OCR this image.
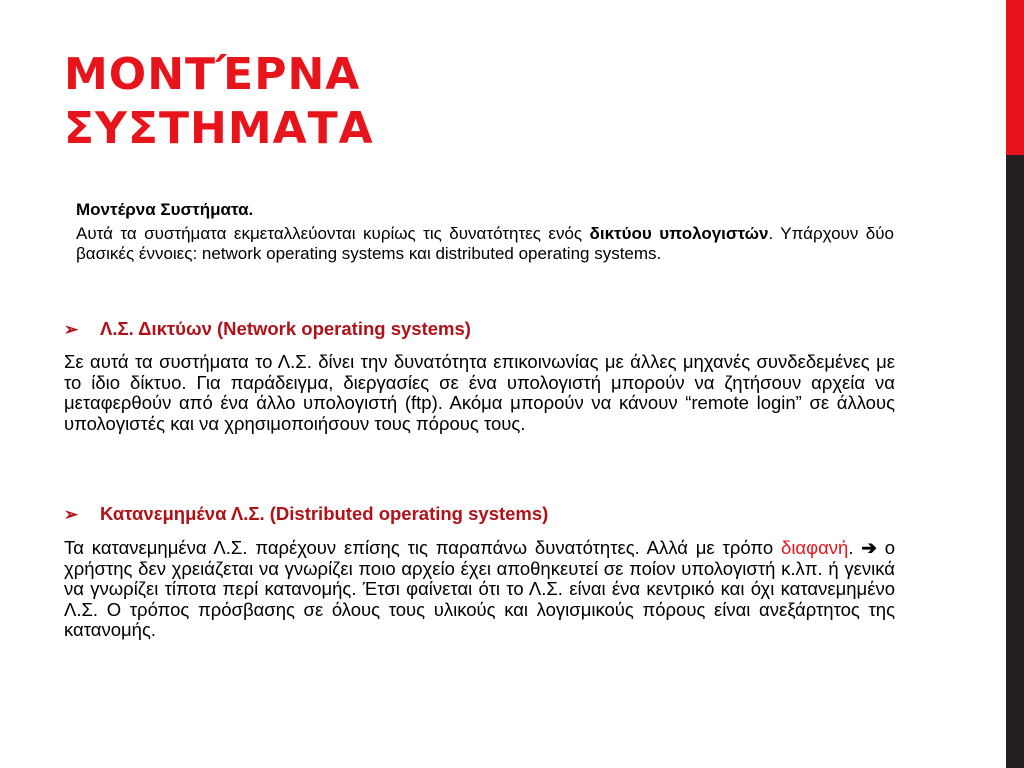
ΜΟΝΤΈΡΝΑ
ΣΥΣΤΗΜΑΤΑ

Μοντέρνα Συστήματα.

Αυτά τα συστήματα εκμεταλλεύονται κυρίως τις δυνατότητες ενός δικτύου υπολογιστών. Υπάρχουν δύο βασικές έννοιες: network operating systems και distributed operating systems.

➢ Λ.Σ. Δικτύων (Network operating systems)

Σε αυτά τα συστήματα το Λ.Σ. δίνει την δυνατότητα επικοινωνίας με άλλες μηχανές συνδεδεμένες με το ίδιο δίκτυο. Για παράδειγμα, διεργασίες σε ένα υπολογιστή μπορούν να ζητήσουν αρχεία να μεταφερθούν από ένα άλλο υπολογιστή (ftp). Ακόμα μπορούν να κάνουν “remote login” σε άλλους υπολογιστές και να χρησιμοποιήσουν τους πόρους τους.

➢ Κατανεμημένα Λ.Σ. (Distributed operating systems)

Τα κατανεμημένα Λ.Σ. παρέχουν επίσης τις παραπάνω δυνατότητες. Αλλά με τρόπο διαφανή. ➔ ο χρήστης δεν χρειάζεται να γνωρίζει ποιο αρχείο έχει αποθηκευτεί σε ποίον υπολογιστή κ.λπ. ή γενικά να γνωρίζει τίποτα περί κατανομής. Έτσι φαίνεται ότι το Λ.Σ. είναι ένα κεντρικό και όχι κατανεμημένο Λ.Σ. Ο τρόπος πρόσβασης σε όλους τους υλικούς και λογισμικούς πόρους είναι ανεξάρτητος της κατανομής.
